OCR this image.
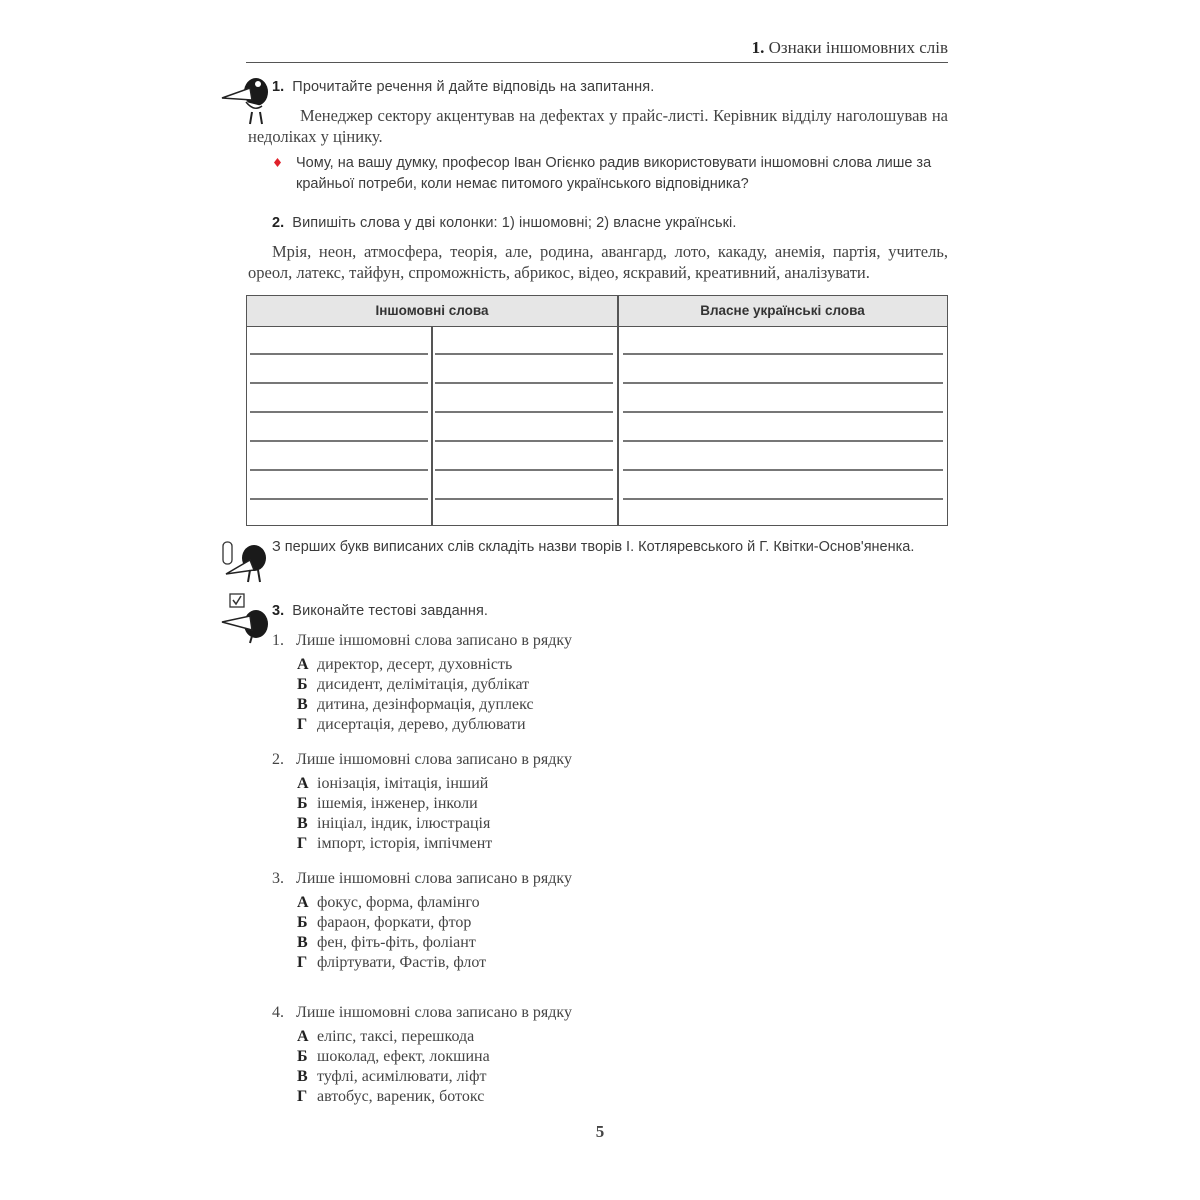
1. Ознаки іншомовних слів
1. Прочитайте речення й дайте відповідь на запитання.
Менеджер сектору акцентував на дефектах у прайс-листі. Керівник відділу наголошував на недоліках у цінику.
Чому, на вашу думку, професор Іван Огієнко радив використовувати іншомовні слова лише за крайньої потреби, коли немає питомого українського відповідника?
2. Випишіть слова у дві колонки: 1) іншомовні; 2) власне українські.
Мрія, неон, атмосфера, теорія, але, родина, авангард, лото, какаду, анемія, партія, учитель, ореол, латекс, тайфун, спроможність, абрикос, відео, яскравий, креативний, аналізувати.
Іншомовні слова	Власне українські слова
З перших букв виписаних слів складіть назви творів І. Котляревського й Г. Квітки-Основ'яненка.
3. Виконайте тестові завдання.
1. Лише іншомовні слова записано в рядку
А директор, десерт, духовність
Б дисидент, делімітація, дублікат
В дитина, дезінформація, дуплекс
Г дисертація, дерево, дублювати
2. Лише іншомовні слова записано в рядку
А іонізація, імітація, інший
Б ішемія, інженер, інколи
В ініціал, індик, ілюстрація
Г імпорт, історія, імпічмент
3. Лише іншомовні слова записано в рядку
А фокус, форма, фламінго
Б фараон, форкати, фтор
В фен, фіть-фіть, фоліант
Г фліртувати, Фастів, флот
4. Лише іншомовні слова записано в рядку
А еліпс, таксі, перешкода
Б шоколад, ефект, локшина
В туфлі, асимілювати, ліфт
Г автобус, вареник, ботокс
5
